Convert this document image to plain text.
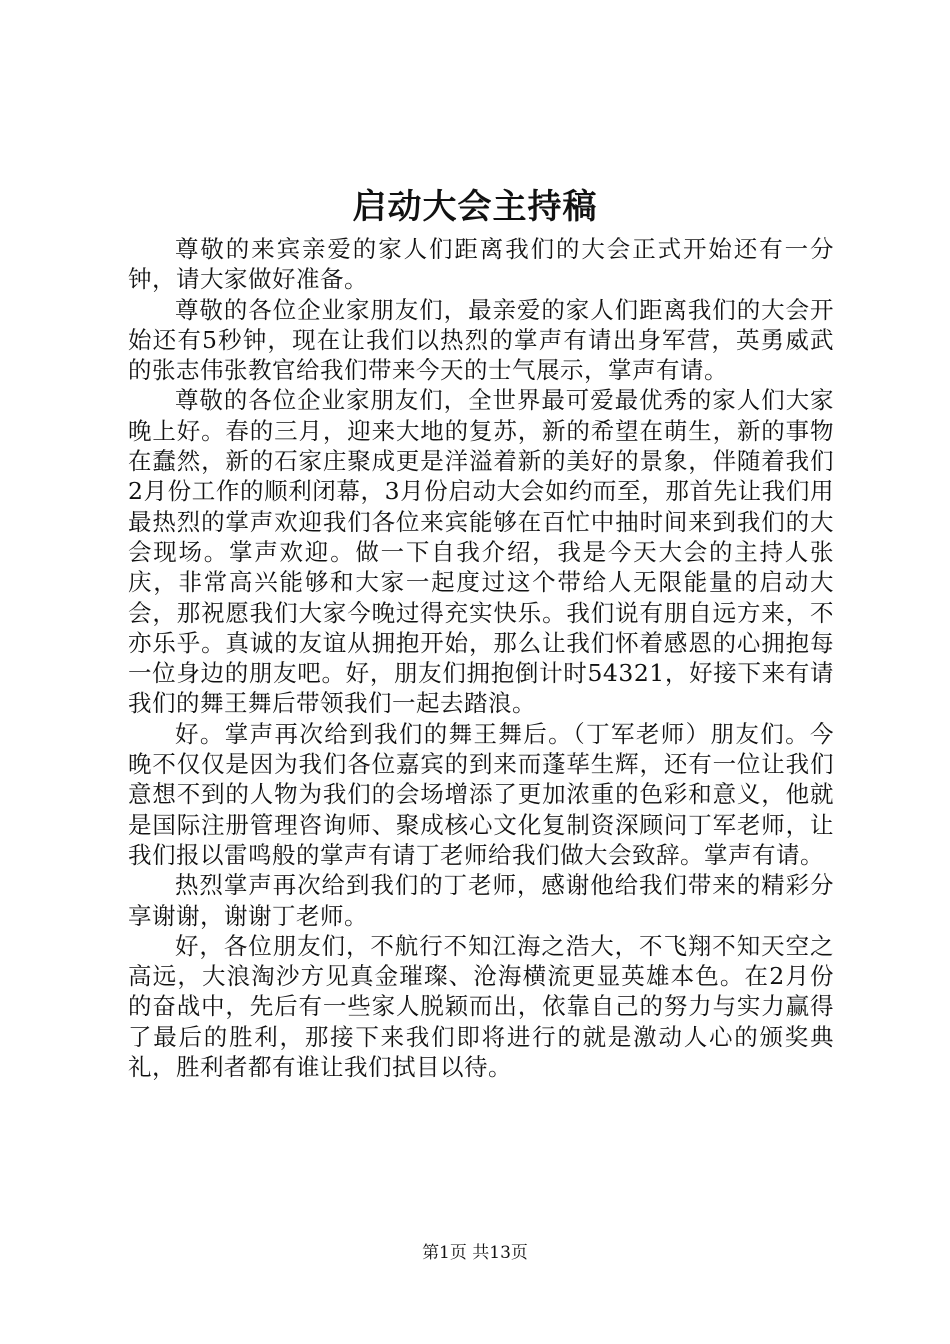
启动大会主持稿

尊敬的来宾亲爱的家人们距离我们的大会正式开始还有一分钟，请大家做好准备。

尊敬的各位企业家朋友们，最亲爱的家人们距离我们的大会开始还有5秒钟，现在让我们以热烈的掌声有请出身军营，英勇威武的张志伟张教官给我们带来今天的士气展示，掌声有请。

尊敬的各位企业家朋友们，全世界最可爱最优秀的家人们大家晚上好。春的三月，迎来大地的复苏，新的希望在萌生，新的事物在蠢然，新的石家庄聚成更是洋溢着新的美好的景象，伴随着我们2月份工作的顺利闭幕，3月份启动大会如约而至，那首先让我们用最热烈的掌声欢迎我们各位来宾能够在百忙中抽时间来到我们的大会现场。掌声欢迎。做一下自我介绍，我是今天大会的主持人张庆，非常高兴能够和大家一起度过这个带给人无限能量的启动大会，那祝愿我们大家今晚过得充实快乐。我们说有朋自远方来，不亦乐乎。真诚的友谊从拥抱开始，那么让我们怀着感恩的心拥抱每一位身边的朋友吧。好，朋友们拥抱倒计时54321，好接下来有请我们的舞王舞后带领我们一起去踏浪。

好。掌声再次给到我们的舞王舞后。（丁军老师）朋友们。今晚不仅仅是因为我们各位嘉宾的到来而蓬荜生辉，还有一位让我们意想不到的人物为我们的会场增添了更加浓重的色彩和意义，他就是国际注册管理咨询师、聚成核心文化复制资深顾问丁军老师，让我们报以雷鸣般的掌声有请丁老师给我们做大会致辞。掌声有请。

热烈掌声再次给到我们的丁老师，感谢他给我们带来的精彩分享谢谢，谢谢丁老师。

好，各位朋友们，不航行不知江海之浩大，不飞翔不知天空之高远，大浪淘沙方见真金璀璨、沧海横流更显英雄本色。在2月份的奋战中，先后有一些家人脱颖而出，依靠自己的努力与实力赢得了最后的胜利，那接下来我们即将进行的就是激动人心的颁奖典礼，胜利者都有谁让我们拭目以待。

第1页 共13页
